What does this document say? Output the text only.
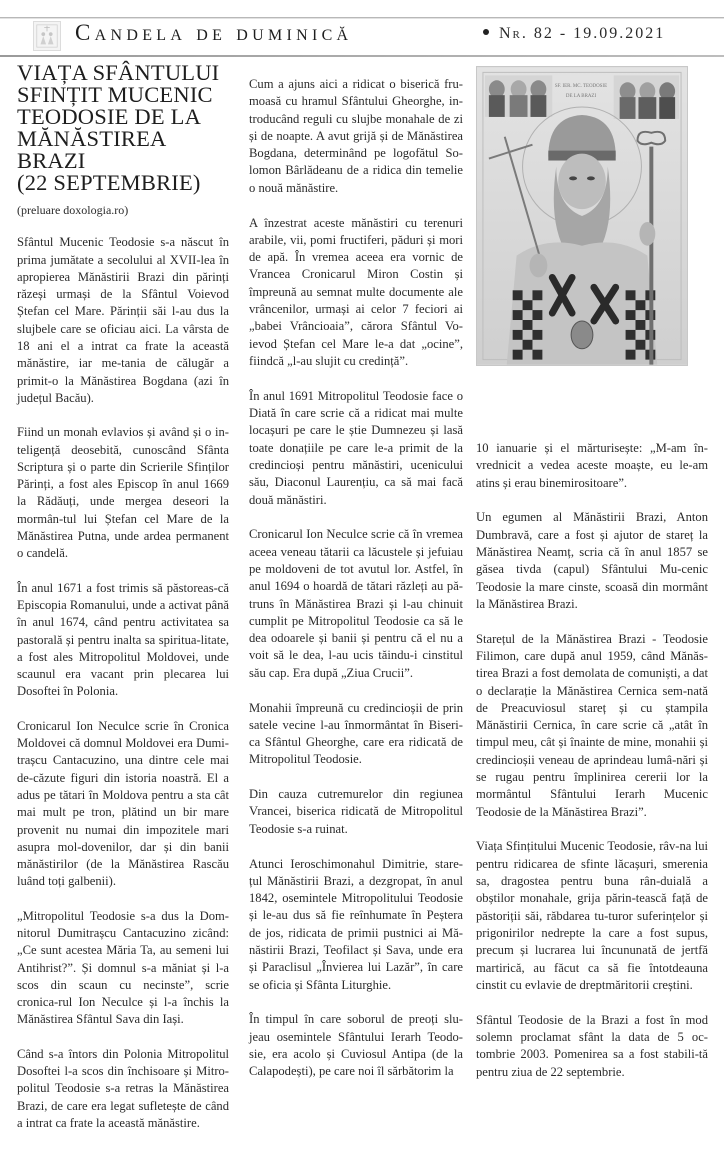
Candela de duminică	Nr. 82 - 19.09.2021
VIAȚA SFÂNTULUI
SFINȚIT MUCENIC
TEODOSIE DE LA
MĂNĂSTIREA BRAZI
(22 SEPTEMBRIE)
(preluare doxologia.ro)

Sfântul Mucenic Teodosie s-a născut în prima jumătate a secolului al XVII-lea în apropierea Mănăstirii Brazi din părinți răzeși urmași de la Sfântul Voievod Ștefan cel Mare. Părinții săi l-au dus la slujbele care se oficiau aici. La vârsta de 18 ani el a intrat ca frate la această mănăstire, iar me-tania de călugăr a primit-o la Mănăstirea Bogdana (azi în județul Bacău).

Fiind un monah evlavios și având și o in-teligență deosebită, cunoscând Sfânta Scriptura și o parte din Scrierile Sfinților Părinți, a fost ales Episcop în anul 1669 la Rădăuți, unde mergea deseori la mormân-tul lui Ștefan cel Mare de la Mănăstirea Putna, unde ardea permanent o candelă.

În anul 1671 a fost trimis să păstoreas-că Episcopia Romanului, unde a activat până în anul 1674, când pentru activitatea sa pastorală și pentru inalta sa spiritua-litate, a fost ales Mitropolitul Moldovei, unde scaunul era vacant prin plecarea lui Dosoftei în Polonia.

Cronicarul Ion Neculce scrie în Cronica Moldovei că domnul Moldovei era Dumi-trașcu Cantacuzino, una dintre cele mai de-căzute figuri din istoria noastră. El a adus pe tătari în Moldova pentru a sta cât mai mult pe tron, plătind un bir mare provenit nu numai din impozitele mari asupra mol-dovenilor, dar și din banii mănăstirilor (de la Mănăstirea Rascău luând toți galbenii).

„Mitropolitul Teodosie s-a dus la Dom-nitorul Dumitrașcu Cantacuzino zicând: „Ce sunt acestea Măria Ta, au semeni lui Antihrist?”. Și domnul s-a măniat și l-a scos din scaun cu necinste”, scrie cronica-rul Ion Neculce și l-a închis la Mănăstirea Sfântul Sava din Iași.

Când s-a întors din Polonia Mitropolitul Dosoftei l-a scos din închisoare și Mitro-politul Teodosie s-a retras la Mănăstirea Brazi, de care era legat sufletește de când a intrat ca frate la această mănăstire.

Cum a ajuns aici a ridicat o biserică fru-moasă cu hramul Sfântului Gheorghe, in-troducând reguli cu slujbe monahale de zi și de noapte. A avut grijă și de Mănăstirea Bogdana, determinând pe logofătul So-lomon Bârlădeanu de a ridica din temelie o nouă mănăstire.

A înzestrat aceste mănăstiri cu terenuri arabile, vii, pomi fructiferi, păduri și mori de apă. În vremea aceea era vornic de Vrancea Cronicarul Miron Costin și împreună au semnat multe documente ale vrâncenilor, urmași ai celor 7 feciori ai „babei Vrâncioaia”, cărora Sfântul Vo-ievod Ștefan cel Mare le-a dat „ocine”, fiindcă „l-au slujit cu credință”.

În anul 1691 Mitropolitul Teodosie face o Diată în care scrie că a ridicat mai multe locașuri pe care le știe Dumnezeu și lasă toate donațiile pe care le-a primit de la credincioși pentru mănăstiri, ucenicului său, Diaconul Laurențiu, ca să mai facă două mănăstiri.

Cronicarul Ion Neculce scrie că în vremea aceea veneau tătarii ca lăcustele și jefuiau pe moldoveni de tot avutul lor. Astfel, în anul 1694 o hoardă de tătari răzleți au pă-truns în Mănăstirea Brazi și l-au chinuit cumplit pe Mitropolitul Teodosie ca să le dea odoarele și banii și pentru că el nu a voit să le dea, l-au ucis tăindu-i cinstitul său cap. Era după „Ziua Crucii”.

Monahii împreună cu credincioșii de prin satele vecine l-au înmormântat în Biseri-ca Sfântul Gheorghe, care era ridicată de Mitropolitul Teodosie.

Din cauza cutremurelor din regiunea Vrancei, biserica ridicată de Mitropolitul Teodosie s-a ruinat.

Atunci Ieroschimonahul Dimitrie, stare-țul Mănăstirii Brazi, a dezgropat, în anul 1842, osemintele Mitropolitului Teodosie și le-au dus să fie reînhumate în Peștera de jos, ridicata de primii pustnici ai Mă-năstirii Brazi, Teofilact și Sava, unde era și Paraclisul „Învierea lui Lazăr”, în care se oficia și Sfânta Liturghie.

În timpul în care soborul de preoți slu-jeau osemintele Sfântului Ierarh Teodo-sie, era acolo și Cuviosul Antipa (de la Calapodești), pe care noi îl sărbătorim la

SF. IER. MC. TEODOSIE
DE LA BRAZI

10 ianuarie și el mărturisește: „M-am în-vrednicit a vedea aceste moaște, eu le-am atins și erau binemirositoare”.

Un egumen al Mănăstirii Brazi, Anton Dumbravă, care a fost și ajutor de stareț la Mănăstirea Neamț, scria că în anul 1857 se găsea tivda (capul) Sfântului Mu-cenic Teodosie la mare cinste, scoasă din mormânt la Mănăstirea Brazi.

Starețul de la Mănăstirea Brazi - Teodosie Filimon, care după anul 1959, când Mănăs-tirea Brazi a fost demolata de comuniști, a dat o declarație la Mănăstirea Cernica sem-nată de Preacuviosul stareț și cu ștampila Mănăstirii Cernica, în care scrie că „atât în timpul meu, cât și înainte de mine, monahii și credincioșii veneau de aprindeau lumâ-nări și se rugau pentru împlinirea cererii lor la mormântul Sfântului Ierarh Mucenic Teodosie de la Mănăstirea Brazi”.

Viața Sfințitului Mucenic Teodosie, râv-na lui pentru ridicarea de sfinte lăcașuri, smerenia sa, dragostea pentru buna rân-duială a obștilor monahale, grija părin-tească față de păstoriții săi, răbdarea tu-turor suferințelor și prigonirilor nedrepte la care a fost supus, precum și lucrarea lui încununată de jertfă martirică, au făcut ca să fie întotdeauna cinstit cu evlavie de dreptmăritorii creștini.

Sfântul Teodosie de la Brazi a fost în mod solemn proclamat sfânt la data de 5 oc-tombrie 2003. Pomenirea sa a fost stabili-tă pentru ziua de 22 septembrie.
